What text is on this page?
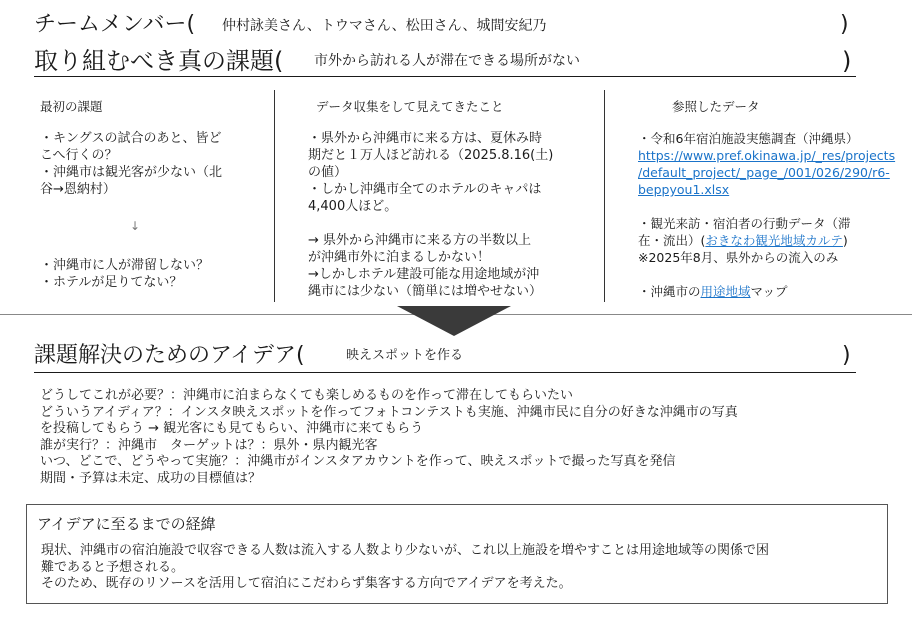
チームメンバー( 仲村詠美さん、トウマさん、松田さん、城間安紀乃	)
取り組むべき真の課題( 市外から訪れる人が滞在できる場所がない	)
最初の課題

・キングスの試合のあと、皆ど

こへ行くの？

・沖縄市は観光客が少ない（北

谷→恩納村）

↓

・沖縄市に人が滞留しない？

・ホテルが足りてない？

データ収集をして見えてきたこと

・県外から沖縄市に来る方は、夏休み時

期だと１万人ほど訪れる（2025.8.16(土)

の値）

・しかし沖縄市全てのホテルのキャパは

4,400人ほど。

→ 県外から沖縄市に来る方の半数以上

が沖縄市外に泊まるしかない！

→しかしホテル建設可能な用途地域が沖

縄市には少ない（簡単には増やせない）

参照したデータ

・令和6年宿泊施設実態調査（沖縄県）

https://www.pref.okinawa.jp/_res/projects

/default_project/_page_/001/026/290/r6-

beppyou1.xlsx

・観光来訪・宿泊者の行動データ（滞

在・流出）(おきなわ観光地域カルテ)

※2025年8月、県外からの流入のみ

・沖縄市の用途地域マップ

課題解決のためのアイデア(	映えスポットを作る	)

どうしてこれが必要？：沖縄市に泊まらなくても楽しめるものを作って滞在してもらいたい

どういうアイディア？：インスタ映えスポットを作ってフォトコンテストも実施、沖縄市民に自分の好きな沖縄市の写真

を投稿してもらう → 観光客にも見てもらい、沖縄市に来てもらう

誰が実行？：沖縄市　ターゲットは？：県外・県内観光客

いつ、どこで、どうやって実施？：沖縄市がインスタアカウントを作って、映えスポットで撮った写真を発信

期間・予算は未定、成功の目標値は？

アイデアに至るまでの経緯

現状、沖縄市の宿泊施設で収容できる人数は流入する人数より少ないが、これ以上施設を増やすことは用途地域等の関係で困

難であると予想される。

そのため、既存のリソースを活用して宿泊にこだわらず集客する方向でアイデアを考えた。
